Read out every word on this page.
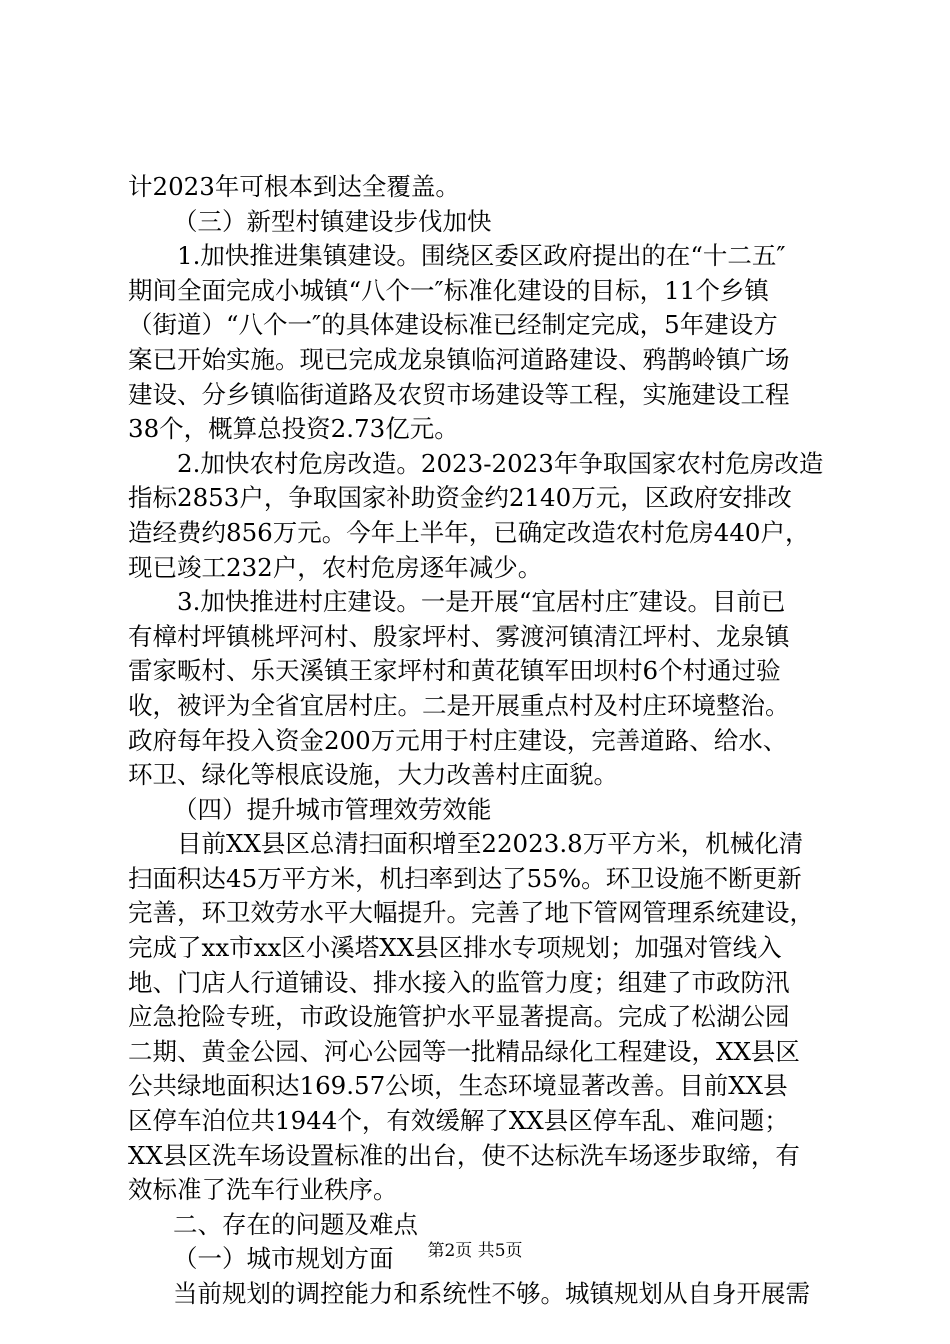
计2023年可根本到达全覆盖。
（三）新型村镇建设步伐加快
1.加快推进集镇建设。围绕区委区政府提出的在“十二五″
期间全面完成小城镇“八个一″标准化建设的目标，11个乡镇
（街道）“八个一″的具体建设标准已经制定完成，5年建设方
案已开始实施。现已完成龙泉镇临河道路建设、鸦鹊岭镇广场
建设、分乡镇临街道路及农贸市场建设等工程，实施建设工程
38个，概算总投资2.73亿元。
2.加快农村危房改造。2023-2023年争取国家农村危房改造
指标2853户，争取国家补助资金约2140万元，区政府安排改
造经费约856万元。今年上半年，已确定改造农村危房440户，
现已竣工232户，农村危房逐年减少。
3.加快推进村庄建设。一是开展“宜居村庄″建设。目前已
有樟村坪镇桃坪河村、殷家坪村、雾渡河镇清江坪村、龙泉镇
雷家畈村、乐天溪镇王家坪村和黄花镇军田坝村6个村通过验
收，被评为全省宜居村庄。二是开展重点村及村庄环境整治。
政府每年投入资金200万元用于村庄建设，完善道路、给水、
环卫、绿化等根底设施，大力改善村庄面貌。
（四）提升城市管理效劳效能
目前XX县区总清扫面积增至22023.8万平方米，机械化清
扫面积达45万平方米，机扫率到达了55%。环卫设施不断更新
完善，环卫效劳水平大幅提升。完善了地下管网管理系统建设，
完成了xx市xx区小溪塔XX县区排水专项规划；加强对管线入
地、门店人行道铺设、排水接入的监管力度；组建了市政防汛
应急抢险专班，市政设施管护水平显著提高。完成了松湖公园
二期、黄金公园、河心公园等一批精品绿化工程建设，XX县区
公共绿地面积达169.57公顷，生态环境显著改善。目前XX县
区停车泊位共1944个，有效缓解了XX县区停车乱、难问题；
XX县区洗车场设置标准的出台，使不达标洗车场逐步取缔，有
效标准了洗车行业秩序。
二、存在的问题及难点
（一）城市规划方面
当前规划的调控能力和系统性不够。城镇规划从自身开展需
第2页 共5页
